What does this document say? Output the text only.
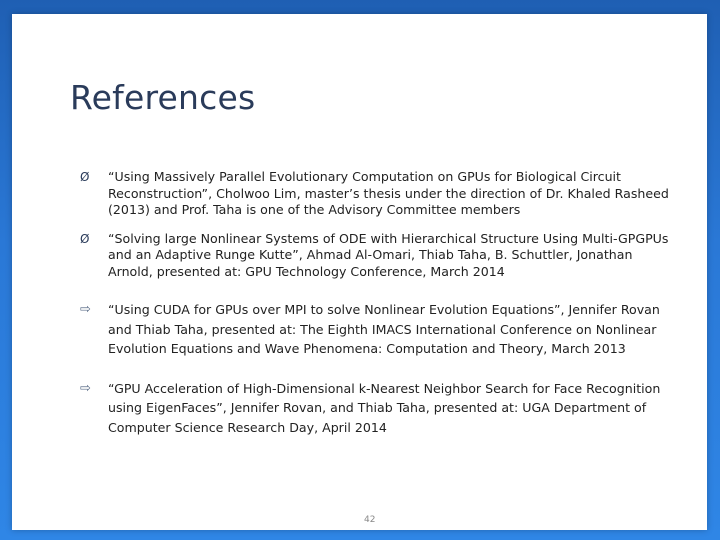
References
Ø “Using Massively Parallel Evolutionary Computation on GPUs for Biological Circuit Reconstruction”, Cholwoo Lim, master’s thesis under the direction of Dr. Khaled Rasheed (2013) and Prof. Taha is one of the Advisory Committee members
Ø “Solving large Nonlinear Systems of ODE with Hierarchical Structure Using Multi-GPGPUs and an Adaptive Runge Kutte”, Ahmad Al-Omari, Thiab Taha, B. Schuttler, Jonathan Arnold, presented at: GPU Technology Conference, March 2014
⇨ “Using CUDA for GPUs over MPI to solve Nonlinear Evolution Equations”, Jennifer Rovan and Thiab Taha, presented at: The Eighth IMACS International Conference on Nonlinear Evolution Equations and Wave Phenomena: Computation and Theory, March 2013
⇨ “GPU Acceleration of High-Dimensional k-Nearest Neighbor Search for Face Recognition using EigenFaces”, Jennifer Rovan, and Thiab Taha, presented at: UGA Department of Computer Science Research Day, April 2014
42
